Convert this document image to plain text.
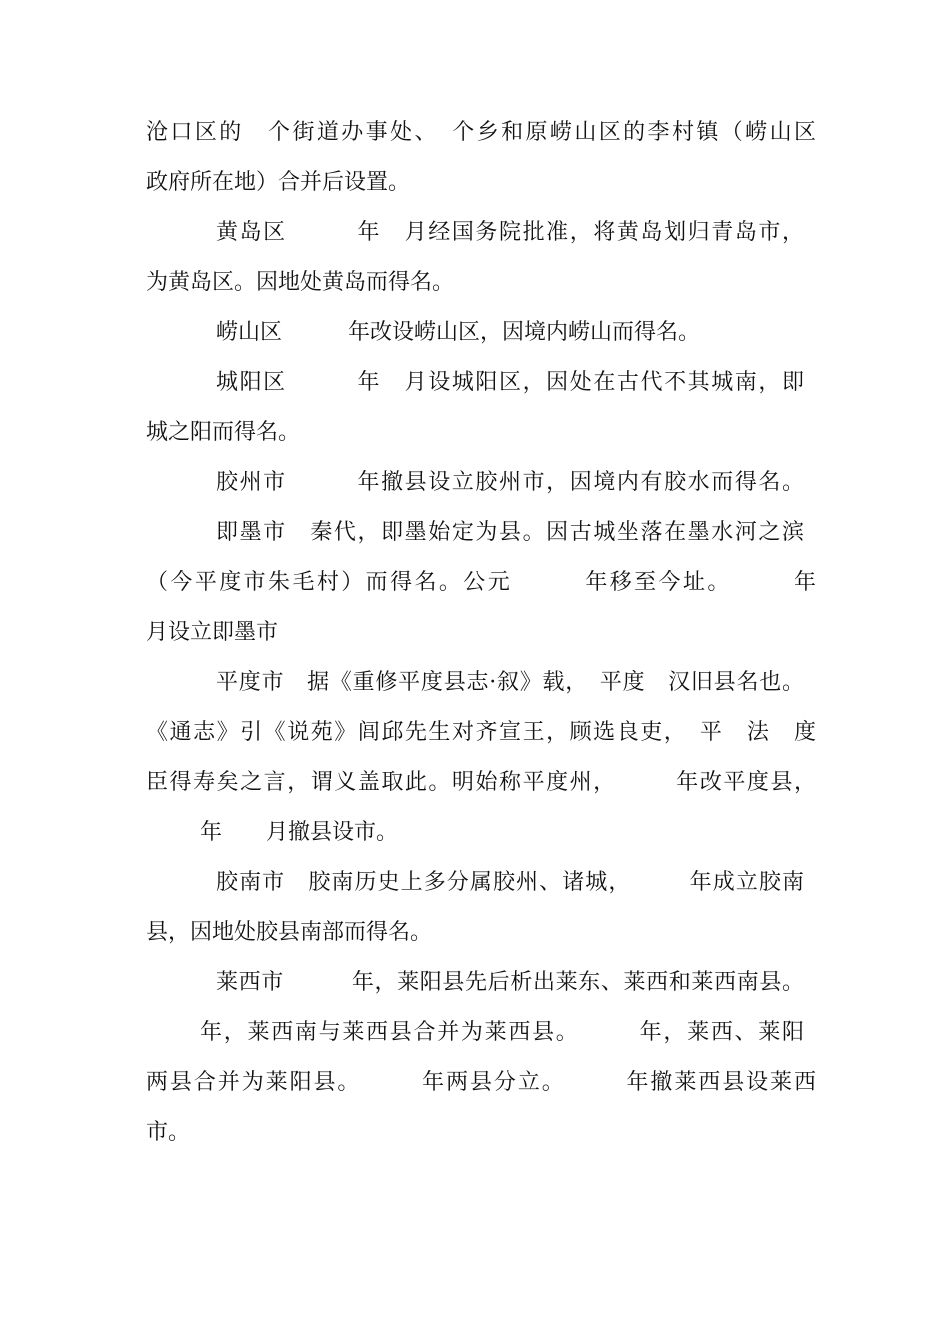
沧口区的　个街道办事处、　个乡和原崂山区的李村镇（崂山区
政府所在地）合并后设置。
黄岛区　　　年　月经国务院批准，将黄岛划归青岛市，
为黄岛区。因地处黄岛而得名。
崂山区　　　年改设崂山区，因境内崂山而得名。
城阳区　　　年　月设城阳区，因处在古代不其城南，即
城之阳而得名。
胶州市　　　年撤县设立胶州市，因境内有胶水而得名。
即墨市　秦代，即墨始定为县。因古城坐落在墨水河之滨
（今平度市朱毛村）而得名。公元　　　年移至今址。　　　年
月设立即墨市
平度市　据《重修平度县志·叙》载，　平度　汉旧县名也。
《通志》引《说苑》闾邱先生对齐宣王，顾选良吏，　平　法　度
臣得寿矣之言，谓义盖取此。明始称平度州，　　　年改平度县，
年　　月撤县设市。
胶南市　胶南历史上多分属胶州、诸城，　　　年成立胶南
县，因地处胶县南部而得名。
莱西市　　　年，莱阳县先后析出莱东、莱西和莱西南县。
年，莱西南与莱西县合并为莱西县。　　　年，莱西、莱阳
两县合并为莱阳县。　　　年两县分立。　　　年撤莱西县设莱西
市。
